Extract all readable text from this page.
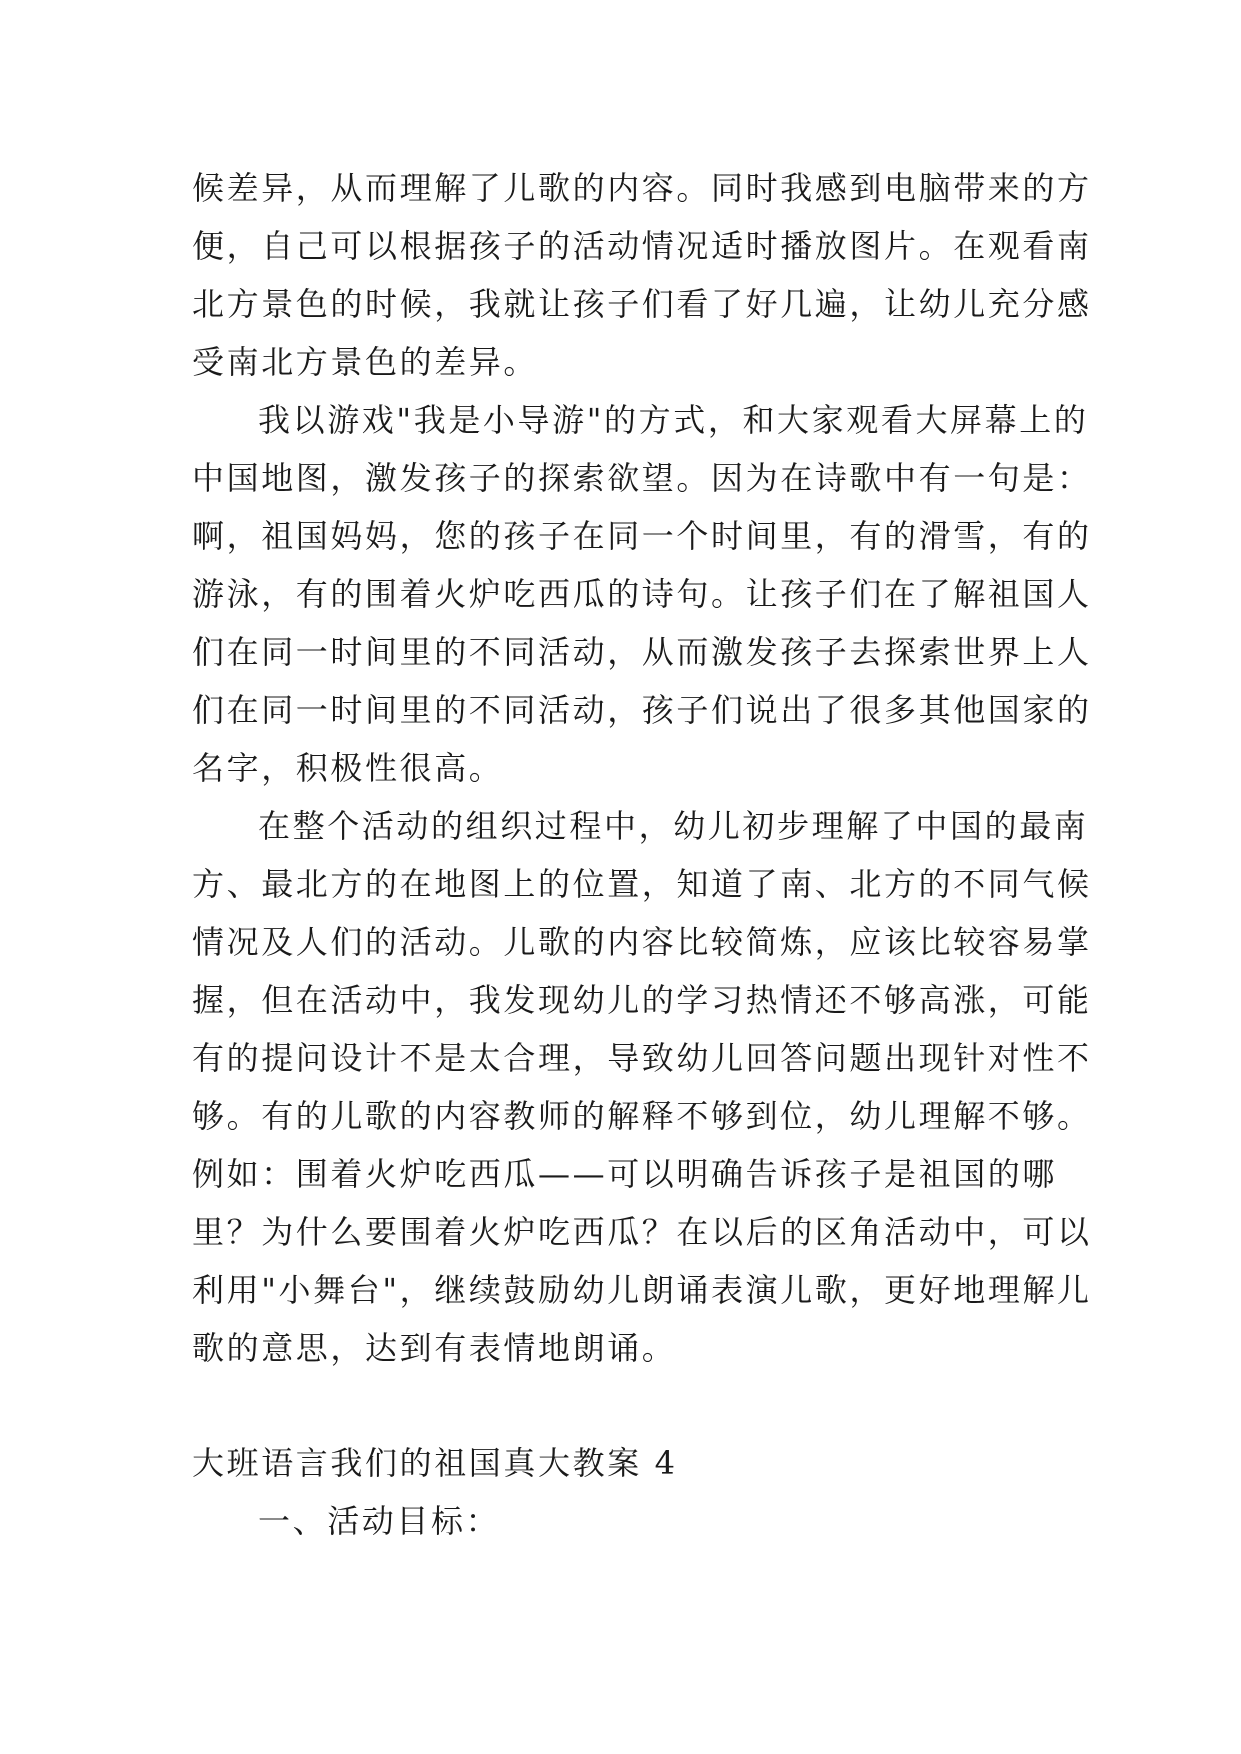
候差异，从而理解了儿歌的内容。同时我感到电脑带来的方
便，自己可以根据孩子的活动情况适时播放图片。在观看南
北方景色的时候，我就让孩子们看了好几遍，让幼儿充分感
受南北方景色的差异。

我以游戏"我是小导游"的方式，和大家观看大屏幕上的
中国地图，激发孩子的探索欲望。因为在诗歌中有一句是：
啊，祖国妈妈，您的孩子在同一个时间里，有的滑雪，有的
游泳，有的围着火炉吃西瓜的诗句。让孩子们在了解祖国人
们在同一时间里的不同活动，从而激发孩子去探索世界上人
们在同一时间里的不同活动，孩子们说出了很多其他国家的
名字，积极性很高。

在整个活动的组织过程中，幼儿初步理解了中国的最南
方、最北方的在地图上的位置，知道了南、北方的不同气候
情况及人们的活动。儿歌的内容比较简炼，应该比较容易掌
握，但在活动中，我发现幼儿的学习热情还不够高涨，可能
有的提问设计不是太合理，导致幼儿回答问题出现针对性不
够。有的儿歌的内容教师的解释不够到位，幼儿理解不够。
例如：围着火炉吃西瓜——可以明确告诉孩子是祖国的哪
里？为什么要围着火炉吃西瓜？在以后的区角活动中，可以
利用"小舞台"，继续鼓励幼儿朗诵表演儿歌，更好地理解儿
歌的意思，达到有表情地朗诵。

大班语言我们的祖国真大教案 4

一、活动目标：
